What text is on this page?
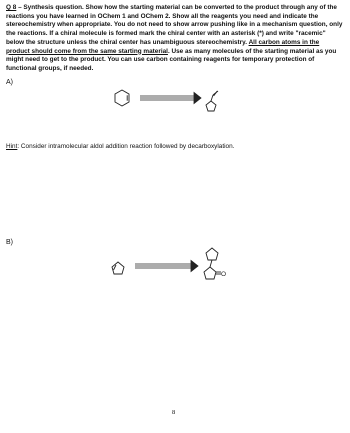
Q 8 – Synthesis question. Show how the starting material can be converted to the product through any of the reactions you have learned in OChem 1 and OChem 2. Show all the reagents you need and indicate the stereochemistry when appropriate. You do not need to show arrow pushing like in a mechanism question, only the reactions. If a chiral molecule is formed mark the chiral center with an asterisk (*) and write "racemic" below the structure unless the chiral center has unambiguous stereochemistry. All carbon atoms in the product should come from the same starting material. Use as many molecules of the starting material as you might need to get to the product. You can use carbon containing reagents for temporary protection of functional groups, if needed.

A)
O
Hint: Consider intramolecular aldol addition reaction followed by decarboxylation.
B)
8
